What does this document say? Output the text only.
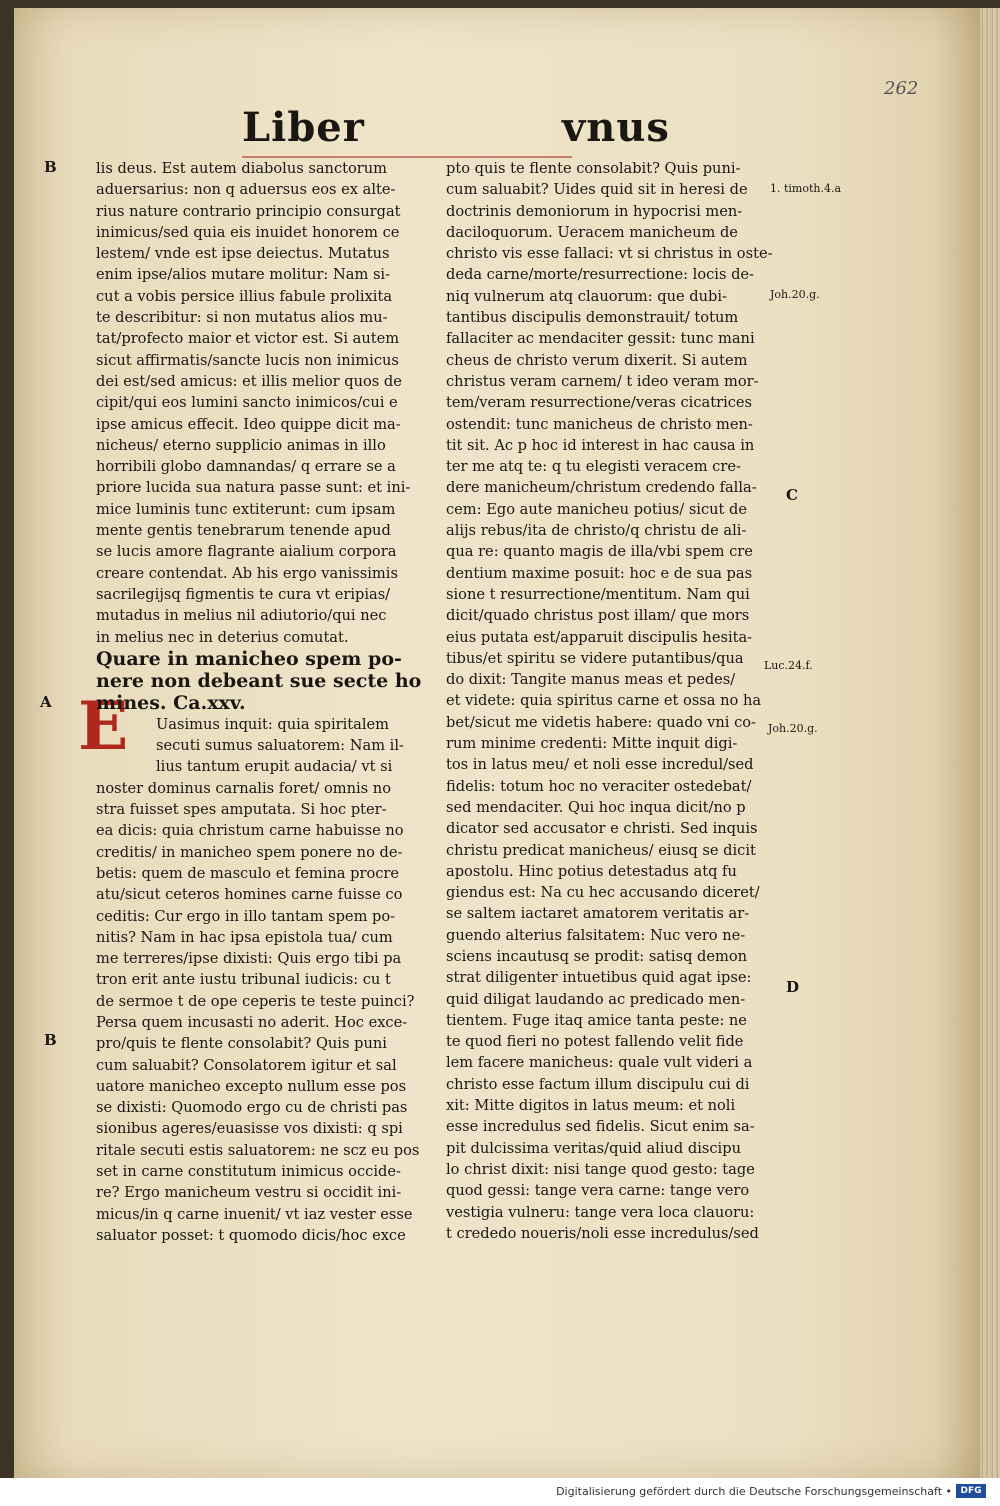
262
Liber	vnus
B
A
B
C
D
1. timoth.4.a
Joh.20.g.
Luc.24.f.
Joh.20.g.
E
lis deus. Est autem diabolus sanctorum
aduersarius: non q aduersus eos ex alte-
rius nature contrario principio consurgat
inimicus/sed quia eis inuidet honorem ce
lestem/ vnde est ipse deiectus. Mutatus
enim ipse/alios mutare molitur: Nam si-
cut a vobis persice illius fabule prolixita
te describitur: si non mutatus alios mu-
tat/profecto maior et victor est. Si autem
sicut affirmatis/sancte lucis non inimicus
dei est/sed amicus: et illis melior quos de
cipit/qui eos lumini sancto inimicos/cui e
ipse amicus effecit. Ideo quippe dicit ma-
nicheus/ eterno supplicio animas in illo
horribili globo damnandas/ q errare se a
priore lucida sua natura passe sunt: et ini-
mice luminis tunc extiterunt: cum ipsam
mente gentis tenebrarum tenende apud
se lucis amore flagrante aialium corpora
creare contendat. Ab his ergo vanissimis
sacrilegijsq figmentis te cura vt eripias/
mutadus in melius nil adiutorio/qui nec
in melius nec in deterius comutat.
Quare in manicheo spem po-
nere non debeant sue secte ho
mines. Ca.xxv.
Uasimus inquit: quia spiritalem
secuti sumus saluatorem: Nam il-
lius tantum erupit audacia/ vt si
noster dominus carnalis foret/ omnis no
stra fuisset spes amputata. Si hoc pter-
ea dicis: quia christum carne habuisse no
creditis/ in manicheo spem ponere no de-
betis: quem de masculo et femina procre
atu/sicut ceteros homines carne fuisse co
ceditis: Cur ergo in illo tantam spem po-
nitis? Nam in hac ipsa epistola tua/ cum
me terreres/ipse dixisti: Quis ergo tibi pa
tron erit ante iustu tribunal iudicis: cu t
de sermoe t de ope ceperis te teste puinci?
Persa quem incusasti no aderit. Hoc exce-
pro/quis te flente consolabit? Quis puni
cum saluabit? Consolatorem igitur et sal
uatore manicheo excepto nullum esse pos
se dixisti: Quomodo ergo cu de christi pas
sionibus ageres/euasisse vos dixisti: q spi
ritale secuti estis saluatorem: ne scz eu pos
set in carne constitutum inimicus occide-
re? Ergo manicheum vestru si occidit ini-
micus/in q carne inuenit/ vt iaz vester esse
saluator posset: t quomodo dicis/hoc exce
pto quis te flente consolabit? Quis puni-
cum saluabit? Uides quid sit in heresi de
doctrinis demoniorum in hypocrisi men-
daciloquorum. Ueracem manicheum de
christo vis esse fallaci: vt si christus in oste-
deda carne/morte/resurrectione: locis de-
niq vulnerum atq clauorum: que dubi-
tantibus discipulis demonstrauit/ totum
fallaciter ac mendaciter gessit: tunc mani
cheus de christo verum dixerit. Si autem
christus veram carnem/ t ideo veram mor-
tem/veram resurrectione/veras cicatrices
ostendit: tunc manicheus de christo men-
tit sit. Ac p hoc id interest in hac causa in
ter me atq te: q tu elegisti veracem cre-
dere manicheum/christum credendo falla-
cem: Ego aute manicheu potius/ sicut de
alijs rebus/ita de christo/q christu de ali-
qua re: quanto magis de illa/vbi spem cre
dentium maxime posuit: hoc e de sua pas
sione t resurrectione/mentitum. Nam qui
dicit/quado christus post illam/ que mors
eius putata est/apparuit discipulis hesita-
tibus/et spiritu se videre putantibus/qua
do dixit: Tangite manus meas et pedes/
et videte: quia spiritus carne et ossa no ha
bet/sicut me videtis habere: quado vni co-
rum minime credenti: Mitte inquit digi-
tos in latus meu/ et noli esse incredul/sed
fidelis: totum hoc no veraciter ostedebat/
sed mendaciter. Qui hoc inqua dicit/no p
dicator sed accusator e christi. Sed inquis
christu predicat manicheus/ eiusq se dicit
apostolu. Hinc potius detestadus atq fu
giendus est: Na cu hec accusando diceret/
se saltem iactaret amatorem veritatis ar-
guendo alterius falsitatem: Nuc vero ne-
sciens incautusq se prodit: satisq demon
strat diligenter intuetibus quid agat ipse:
quid diligat laudando ac predicado men-
tientem. Fuge itaq amice tanta peste: ne
te quod fieri no potest fallendo velit fide
lem facere manicheus: quale vult videri a
christo esse factum illum discipulu cui di
xit: Mitte digitos in latus meum: et noli
esse incredulus sed fidelis. Sicut enim sa-
pit dulcissima veritas/quid aliud discipu
lo christ dixit: nisi tange quod gesto: tage
quod gessi: tange vera carne: tange vero
vestigia vulneru: tange vera loca clauoru:
t crededo noueris/noli esse incredulus/sed
Digitalisierung gefördert durch die Deutsche Forschungsgemeinschaft • DFG
